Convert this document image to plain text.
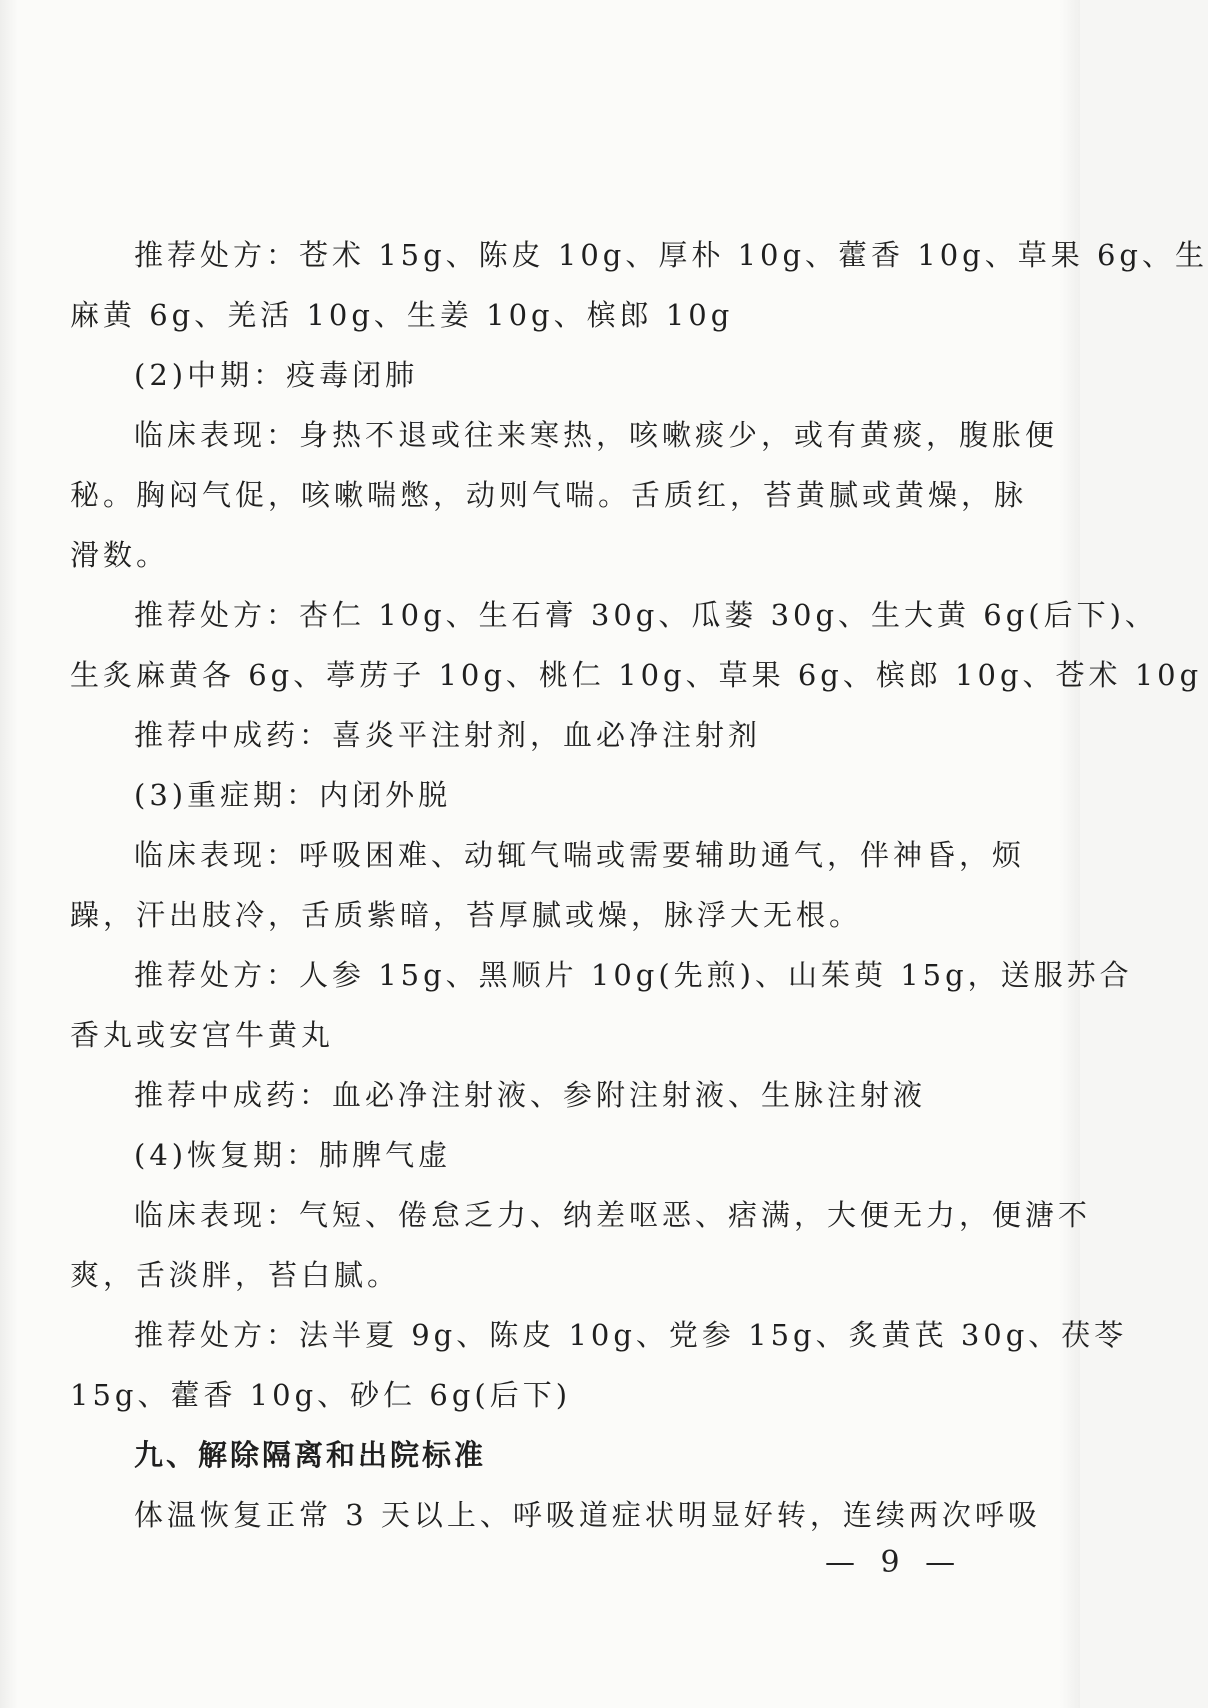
推荐处方：苍术 15g、陈皮 10g、厚朴 10g、藿香 10g、草果 6g、生

麻黄 6g、羌活 10g、生姜 10g、槟郎 10g

(2)中期：疫毒闭肺

临床表现：身热不退或往来寒热，咳嗽痰少，或有黄痰，腹胀便

秘。胸闷气促，咳嗽喘憋，动则气喘。舌质红，苔黄腻或黄燥，脉

滑数。

推荐处方：杏仁 10g、生石膏 30g、瓜蒌 30g、生大黄 6g(后下)、

生炙麻黄各 6g、葶苈子 10g、桃仁 10g、草果 6g、槟郎 10g、苍术 10g

推荐中成药：喜炎平注射剂，血必净注射剂

(3)重症期：内闭外脱

临床表现：呼吸困难、动辄气喘或需要辅助通气，伴神昏，烦

躁，汗出肢冷，舌质紫暗，苔厚腻或燥，脉浮大无根。

推荐处方：人参 15g、黑顺片 10g(先煎)、山茱萸 15g，送服苏合

香丸或安宫牛黄丸

推荐中成药：血必净注射液、参附注射液、生脉注射液

(4)恢复期：肺脾气虚

临床表现：气短、倦怠乏力、纳差呕恶、痞满，大便无力，便溏不

爽，舌淡胖，苔白腻。

推荐处方：法半夏 9g、陈皮 10g、党参 15g、炙黄芪 30g、茯苓

15g、藿香 10g、砂仁 6g(后下)

九、解除隔离和出院标准

体温恢复正常 3 天以上、呼吸道症状明显好转，连续两次呼吸

— 9 —
